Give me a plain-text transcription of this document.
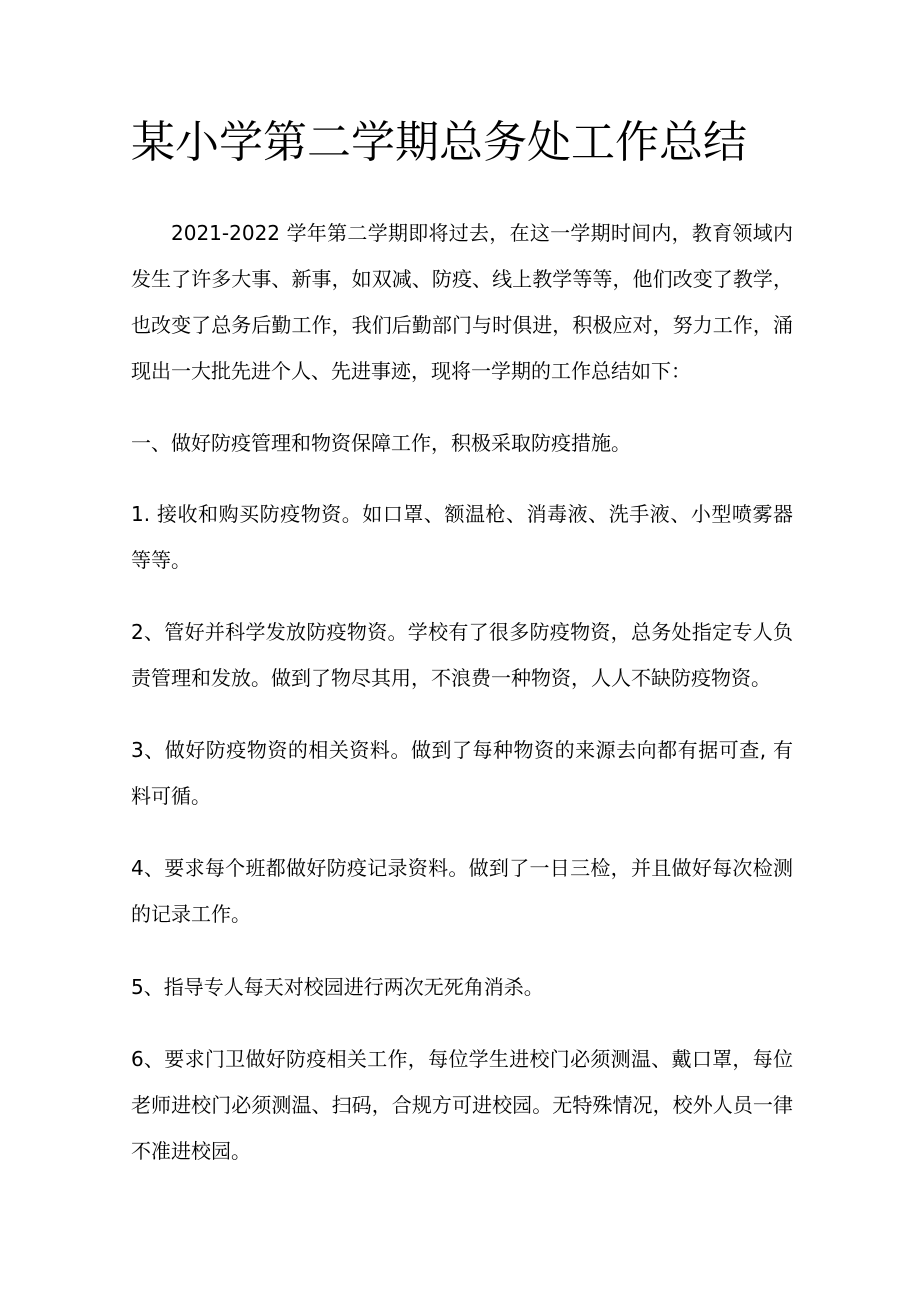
某小学第二学期总务处工作总结

2021-2022 学年第二学期即将过去，在这一学期时间内，教育领域内发生了许多大事、新事，如双减、防疫、线上教学等等，他们改变了教学，也改变了总务后勤工作，我们后勤部门与时俱进，积极应对，努力工作，涌现出一大批先进个人、先进事迹，现将一学期的工作总结如下：

一、做好防疫管理和物资保障工作，积极采取防疫措施。

1. 接收和购买防疫物资。如口罩、额温枪、消毒液、洗手液、小型喷雾器等等。

2、管好并科学发放防疫物资。学校有了很多防疫物资，总务处指定专人负责管理和发放。做到了物尽其用，不浪费一种物资，人人不缺防疫物资。

3、做好防疫物资的相关资料。做到了每种物资的来源去向都有据可查, 有料可循。

4、要求每个班都做好防疫记录资料。做到了一日三检，并且做好每次检测的记录工作。

5、指导专人每天对校园进行两次无死角消杀。

6、要求门卫做好防疫相关工作，每位学生进校门必须测温、戴口罩，每位老师进校门必须测温、扫码，合规方可进校园。无特殊情况，校外人员一律不准进校园。
